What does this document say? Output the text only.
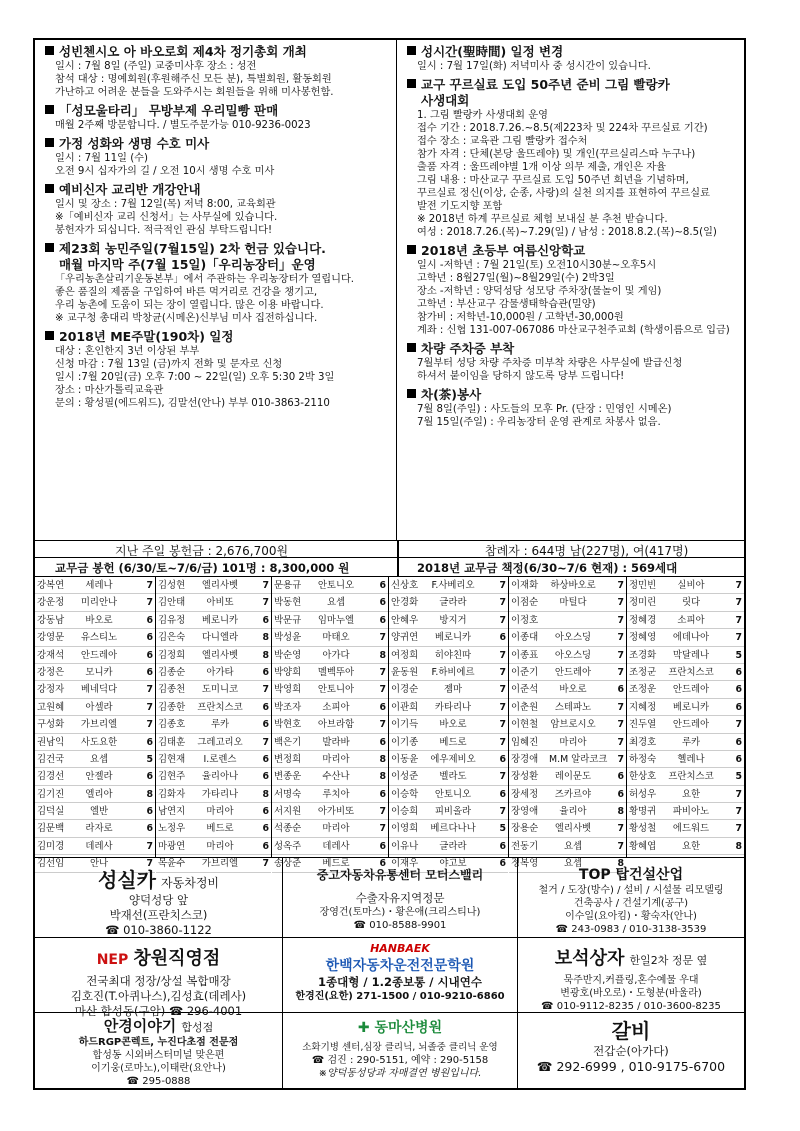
성빈첸시오 아 바오로회 제4차 정기총회 개최

일시 : 7월 8일 (주일) 교중미사후 장소 : 성전

참석 대상 : 명예회원(후원해주신 모든 분), 특별회원, 활동회원

가난하고 어려운 분들을 도와주시는 회원들을 위해 미사봉헌함.

「성모울타리」 무방부제 우리밀빵 판매

매월 2주째 방문합니다. / 별도주문가능 010-9236-0023

가정 성화와 생명 수호 미사

일시 : 7월 11일 (수)

오전 9시 십자가의 길 / 오전 10시 생명 수호 미사

예비신자 교리반 개강안내

일시 및 장소 : 7월 12일(목) 저녁 8:00, 교육회관

※「예비신자 교리 신청서」는 사무실에 있습니다.

봉헌자가 되십니다. 적극적인 관심 부탁드립니다!

제23회 농민주일(7월15일) 2차 헌금 있습니다.
매월 마지막 주(7월 15일)「우리농장터」운영

「우리농촌살리기운동본부」에서 주관하는 우리농장터가 열립니다.

좋은 품질의 제품을 구입하여 바른 먹거리로 건강을 챙기고,

우리 농촌에 도움이 되는 장이 열립니다. 많은 이용 바랍니다.

※ 교구청 총대리 박창균(시메온)신부님 미사 집전하십니다.

2018년 ME주말(190차) 일정

대상 : 혼인한지 3년 이상된 부부

신청 마감 : 7월 13일 (금)까지 전화 및 문자로 신청

일시 :7월 20일(금) 오후 7:00 ~ 22일(일) 오후 5:30 2박 3일

장소 : 마산가톨릭교육관

문의 : 황성필(에드워드), 김말선(안나) 부부 010-3863-2110

성시간(聖時間) 일정 변경

일시 : 7월 17일(화) 저녁미사 중 성시간이 있습니다.

교구 꾸르실료 도입 50주년 준비 그림 빨랑카
사생대회

1. 그림 빨랑카 사생대회 운영

접수 기간 : 2018.7.26.~8.5(제223차 및 224차 꾸르실료 기간)

접수 장소 : 교육관 그림 빨랑카 접수처

참가 자격 : 단체(본당 울뜨레야) 및 개인(꾸르실리스따 누구나)

출품 자격 : 울뜨레야별 1개 이상 의무 제출, 개인은 자율

그림 내용 : 마산교구 꾸르실료 도입 50주년 희년을 기념하며,

꾸르실료 정신(이상, 순종, 사랑)의 실천 의지를 표현하여 꾸르실료

발전 기도지향 포함

※ 2018년 하계 꾸르실료 체험 보내실 분 추천 받습니다.

여성 : 2018.7.26.(목)~7.29(일) / 남성 : 2018.8.2.(목)~8.5(일)

2018년 초등부 여름신앙학교

일시 -저학년 : 7월 21일(토) 오전10시30분~오후5시

고학년 : 8월27일(월)~8월29일(수) 2박3일

장소 -저학년 : 양덕성당 성모당 주차장(물놀이 및 게임)

고학년 : 부산교구 감물생태학습관(밀양)

참가비 : 저학년-10,000원 / 고학년-30,000원

계좌 : 신협 131-007-067086 마산교구천주교회 (학생이름으로 입금)

차량 주차증 부착

7월부터 성당 차량 주차증 미부착 차량은 사무실에 발급신청

하셔서 붙이임을 당하지 않도록 당부 드립니다!

차(茶)봉사

7월 8일(주일) : 사도들의 모후 Pr. (단장 : 민영인 시메온)

7월 15일(주일) : 우리농장터 운영 관계로 차봉사 없음.

지난 주일 봉헌금 : 2,676,700원	참례자 : 644명 남(227명), 여(417명)
교무금 봉헌 (6/30/토~7/6/금) 101명 : 8,300,000 원	2018년 교무금 책정(6/30~7/6 현재) : 569세대
강복연	세레나	7
강운정	미리안나	7
강동남	바오로	6
강영문	유스티노	6
강재석	안드레아	6
강정은	모니카	6
강정자	베네딕다	7
고원혜	아셀라	7
구성화	가브리엘	7
권남익	사도요한	6
김건국	요셉	5
김경선	안젤라	6
김기진	엘리아	8
김덕실	엘반	6
김문백	라자로	6
김미경	데레사	7
김선임	안나	7
김성현	엘리사벳	7
김안태	아비또	7
김유정	베로니카	6
김은숙	다니엘라	8
김정희	엘리사벳	8
김종순	아가타	6
김종천	도미니코	7
김종한 프란치스코 6
김종호	루카	6
김태훈 그레고리오 7
김현재	I.로렌스	6
김현주	율리아나	6
김화자	가타리나	8
남연지	마리아	6
노정우	베드로	6
마광연	마리아	6
목윤수	가브리엘	7
문용규	안토니오	6
박동현	요셉	6
박문규	임마누엘	6
박성윤	마태오	7
박순영	아가다	8
박양희	멜벡뚜아	7
박영희	안토니아	7
박조자	소피아	6
박현호	아브라함	7
백은기	발라바	6
변정희	마리아	8
변종운	수산나	8
서명숙	루치아	6
서지원	아가비또	7
석종순	마리아	7
성옥주	데레사	6
송상준	베드로	6
신상호 F.사베리오	7
안경화	글라라	7
안혜우	방지거	7
양귀연	베로니카	6
여정희	히야친따	7
윤동원 F.하비에르	7
이경순	젬마	7
이관희	카타리나	7
이기득	바오로	7
이기종	베드로	7
이동윤 에우제비오	6
이성준	벨라도	7
이승학	안토니오	6
이승희	피비올라	7
이영희 베르다나나	5
이유나	글라라	6
이재우	야고보	6
이재화 하상바오로 7
이점순	마틸다	7
이정호	7
이종대	아오스딩	7
이종표	아오스딩	7
이준기	안드레아	7
이준석	바오로	6
이춘원	스테파노	7
이현철 암브로시오 7
임혜진	마리아	7
장경애 M.M 알라코크 7
장성환	레이문도	6
장세정	즈카르야	6
장영애	율리아	8
장용순	엘리사벳	7
전동기	요셉	7
정복영	요셉	8
정민빈	실비아	7
정미린	릿다	7
정혜경	소피아	7
정혜영	에데나아	7
조경화	막달레나	5
조정군 프란치스코 6
조정운	안드레아	6
지혜정	베로니카	6
진두열	안드레아	7
최경호	루카	6
하정숙	헬레나	6
한상호 프란치스코 5
허성우	요한	7
황명귀	파비아노	7
황성철	에드워드	7
황혜엽	요한	8
성실카 자동차정비
양덕성당 앞
박재선(프란치스코)
☎ 010-3860-1122
중고자동차유통센터 모터스밸리
수출자유지역정문
장영건(토마스)・황은애(크리스티나)
☎ 010-8588-9901
TOP 탑건설산업
철거 / 도장(방수) / 설비 / 시설물 리모델링
건축공사 / 건설기계(공구)
이수일(요아킴)・황숙자(안나)
☎ 243-0983 / 010-3138-3539
NEP 창원직영점
전국최대 정장/상설 복합매장
김호진(T.아퀴나스),김성효(데레사)
마산 합성동(구암) ☎ 296-4001
HANBAEK
한백자동차운전전문학원
1종대형 / 1.2종보통 / 시내연수
한경진(요한) 271-1500 / 010-9210-6860
보석상자 한일2차 정문 옆
묵주반지,커플링,혼수예물 우대
변광호(바오로)・도형분(바울라)
☎ 010-9112-8235 / 010-3600-8235
안경이야기 합성점
하드RGP콘렉트, 누진다초점 전문점
합성동 시외버스터미널 맞은편
이기웅(로마노),이태란(요안나)
☎ 295-0888
✚ 동마산병원
소화기병 센터,심장 클리닉, 뇌졸중 클리닉 운영
☎ 검진 : 290-5151, 예약 : 290-5158
※양덕동성당과 자매결연 병원입니다.
갈비
전갑순(아가다)
☎ 292-6999 , 010-9175-6700
